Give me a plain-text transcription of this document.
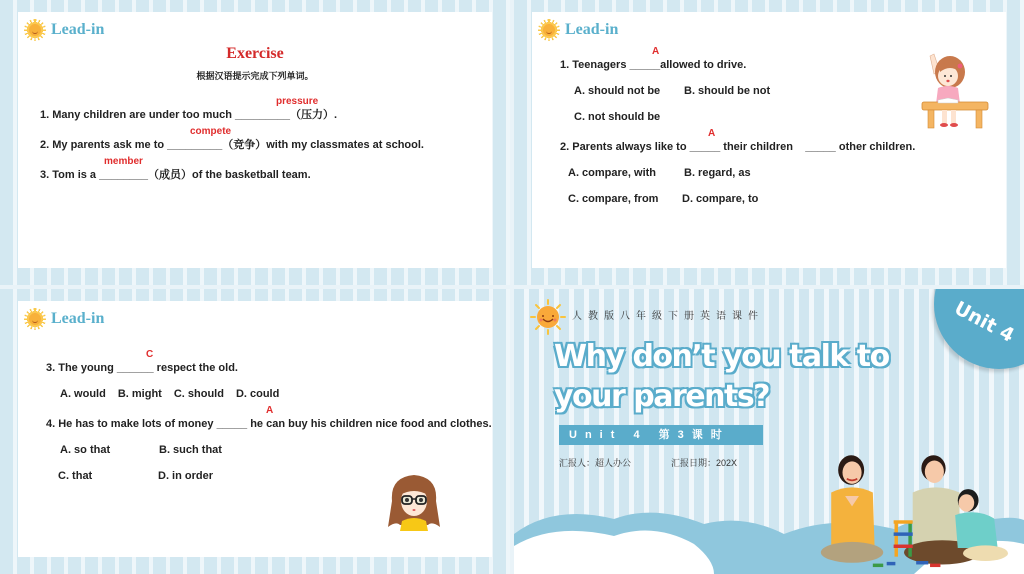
Lead-in
Exercise
根据汉语提示完成下列单词。
pressure
1. Many children are under too much _________（压力）.
compete
2. My parents ask me to _________（竞争）with my classmates at school.
member
3. Tom is a ________（成员）of the basketball team.
Lead-in
A
1. Teenagers _____allowed to drive.
A. should not be	B. should be not
C. not should be
A
2. Parents always like to _____ their children _____ other children.
A. compare, with	B. regard, as
C. compare, from	D. compare, to
Lead-in
C
3. The young ______ respect the old.
A. would B. might C. should D. could
A
4. He has to make lots of money _____ he can buy his children nice food and clothes.
A. so that	B. such that
C. that	D. in order
Unit 4
人教版八年级下册英语课件
Why don’t you talk to your parents?
Unit 4 第3课时
汇报人：超人办公	汇报日期：202X
